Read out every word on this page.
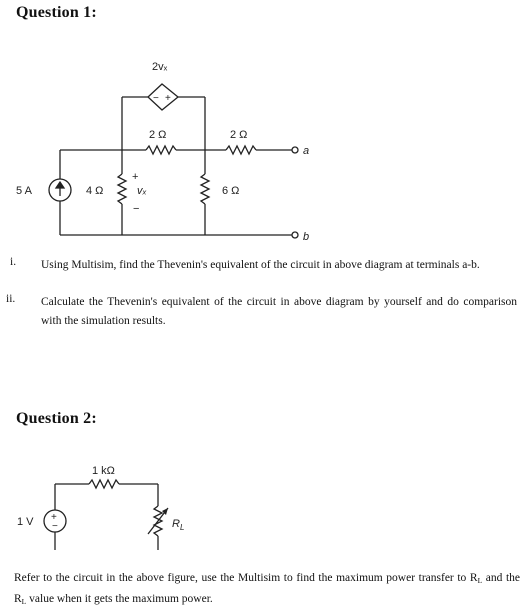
Question 1:
− +
2vₓ
2 Ω	2 Ω
5 A	4 Ω
+
vₓ
−
6 Ω
a
b
i. Using Multisim, find the Thevenin's equivalent of the circuit in above diagram at terminals a-b.
ii. Calculate the Thevenin's equivalent of the circuit in above diagram by yourself and do comparison with the simulation results.
Question 2:
+
−
1 kΩ
1 V	$R_L$
Refer to the circuit in the above figure, use the Multisim to find the maximum power transfer to $R_L$ and the $R_L$ value when it gets the maximum power.
